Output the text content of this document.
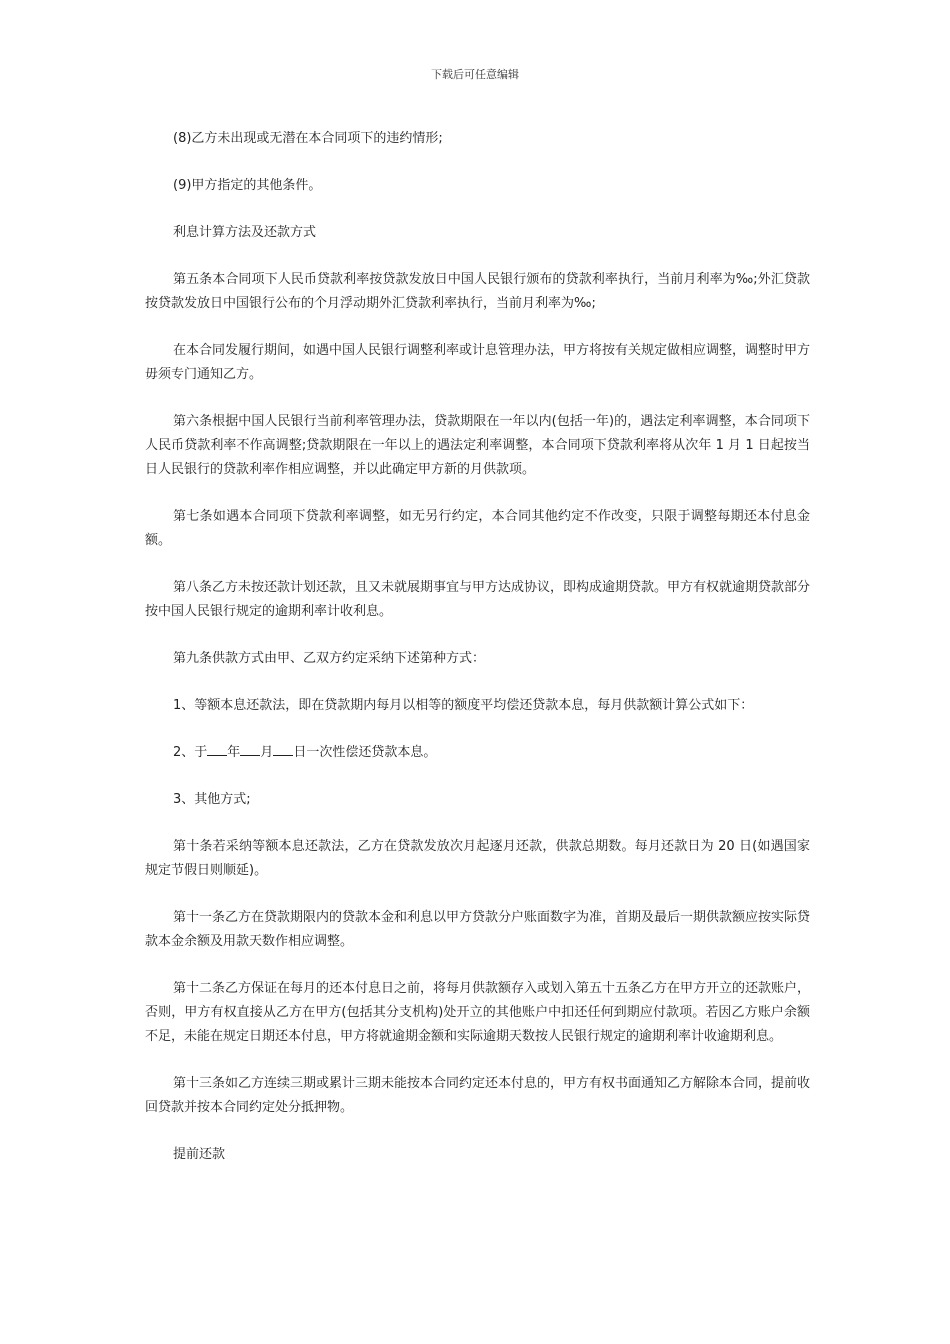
下载后可任意编辑

(8)乙方未出现或无潜在本合同项下的违约情形;

(9)甲方指定的其他条件。

利息计算方法及还款方式

第五条本合同项下人民币贷款利率按贷款发放日中国人民银行颁布的贷款利率执行，当前月利率为‰;外汇贷款按贷款发放日中国银行公布的个月浮动期外汇贷款利率执行，当前月利率为‰;

在本合同发履行期间，如遇中国人民银行调整利率或计息管理办法，甲方将按有关规定做相应调整，调整时甲方毋须专门通知乙方。

第六条根据中国人民银行当前利率管理办法，贷款期限在一年以内(包括一年)的，遇法定利率调整，本合同项下人民币贷款利率不作高调整;贷款期限在一年以上的遇法定利率调整，本合同项下贷款利率将从次年 1 月 1 日起按当日人民银行的贷款利率作相应调整，并以此确定甲方新的月供款项。

第七条如遇本合同项下贷款利率调整，如无另行约定，本合同其他约定不作改变，只限于调整每期还本付息金额。

第八条乙方未按还款计划还款，且又未就展期事宜与甲方达成协议，即构成逾期贷款。甲方有权就逾期贷款部分按中国人民银行规定的逾期利率计收利息。

第九条供款方式由甲、乙双方约定采纳下述第种方式：

1、等额本息还款法，即在贷款期内每月以相等的额度平均偿还贷款本息，每月供款额计算公式如下：

2、于 年 月 日一次性偿还贷款本息。

3、其他方式;

第十条若采纳等额本息还款法，乙方在贷款发放次月起逐月还款，供款总期数。每月还款日为 20 日(如遇国家规定节假日则顺延)。

第十一条乙方在贷款期限内的贷款本金和利息以甲方贷款分户账面数字为准，首期及最后一期供款额应按实际贷款本金余额及用款天数作相应调整。

第十二条乙方保证在每月的还本付息日之前，将每月供款额存入或划入第五十五条乙方在甲方开立的还款账户，否则，甲方有权直接从乙方在甲方(包括其分支机构)处开立的其他账户中扣还任何到期应付款项。若因乙方账户余额不足，未能在规定日期还本付息，甲方将就逾期金额和实际逾期天数按人民银行规定的逾期利率计收逾期利息。

第十三条如乙方连续三期或累计三期未能按本合同约定还本付息的，甲方有权书面通知乙方解除本合同，提前收回贷款并按本合同约定处分抵押物。

提前还款
